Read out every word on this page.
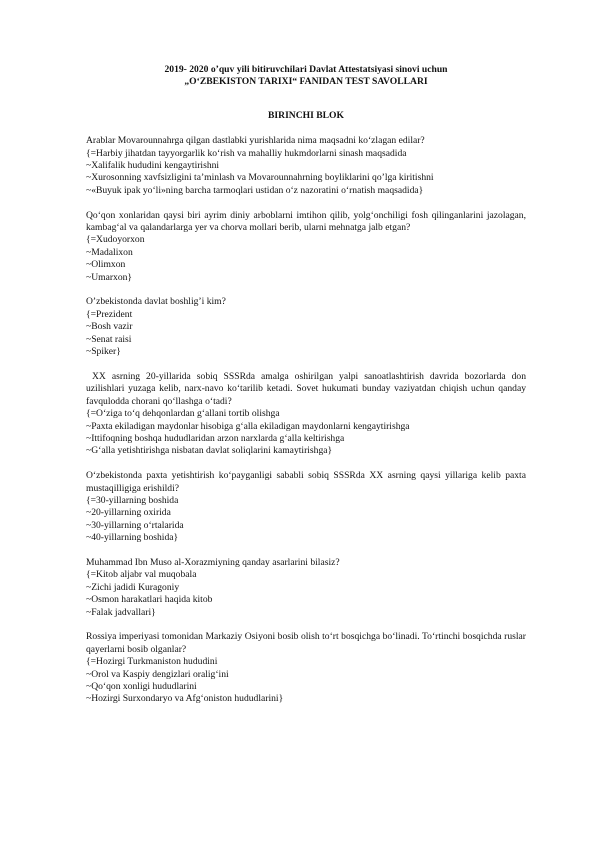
2019- 2020 o’quv yili bitiruvchilari Davlat Attestatsiyasi sinovi uchun
„O‘ZBEKISTON TARIXI“ FANIDAN TEST SAVOLLARI
BIRINCHI BLOK
Arablar Movarounnahrga qilgan dastlabki yurishlarida nima maqsadni ko‘zlagan edilar?
{=Harbiy jihatdan tayyorgarlik ko‘rish va mahalliy hukmdorlarni sinash maqsadida
~Xalifalik hududini kengaytirishni
~Xurosonning xavfsizligini ta’minlash va Movarounnahrning boyliklarini qo’lga kiritishni
~«Buyuk ipak yo‘li»ning barcha tarmoqlari ustidan o‘z nazoratini o‘rnatish maqsadida}
Qo‘qon xonlaridan qaysi biri ayrim diniy arboblarni imtihon qilib, yolg‘onchiligi fosh qilinganlarini jazolagan, kambag‘al va qalandarlarga yer va chorva mollari berib, ularni mehnatga jalb etgan?
{=Xudoyorxon
~Madalixon
~Olimxon
~Umarxon}
O’zbekistonda davlat boshlig’i kim?
{=Prezident
~Bosh vazir
~Senat raisi
~Spiker}
XX asrning 20-yillarida sobiq SSSRda amalga oshirilgan yalpi sanoatlashtirish davrida bozorlarda don uzilishlari yuzaga kelib, narx-navo ko‘tarilib ketadi. Sovet hukumati bunday vaziyatdan chiqish uchun qanday favqulodda chorani qo‘llashga o‘tadi?
{=O‘ziga to‘q dehqonlardan g‘allani tortib olishga
~Paxta ekiladigan maydonlar hisobiga g‘alla ekiladigan maydonlarni kengaytirishga
~Ittifoqning boshqa hududlaridan arzon narxlarda g‘alla keltirishga
~G‘alla yetishtirishga nisbatan davlat soliqlarini kamaytirishga}
O‘zbekistonda paxta yetishtirish ko‘payganligi sababli sobiq SSSRda XX asrning qaysi yillariga kelib paxta mustaqilligiga erishildi?
{=30-yillarning boshida
~20-yillarning oxirida
~30-yillarning o‘rtalarida
~40-yillarning boshida}
Muhammad Ibn Muso al-Xorazmiyning qanday asarlarini bilasiz?
{=Kitob aljabr val muqobala
~Zichi jadidi Kuragoniy
~Osmon harakatlari haqida kitob
~Falak jadvallari}
Rossiya imperiyasi tomonidan Markaziy Osiyoni bosib olish to‘rt bosqichga bo‘linadi. To‘rtinchi bosqichda ruslar qayerlarni bosib olganlar?
{=Hozirgi Turkmaniston hududini
~Orol va Kaspiy dengizlari oralig‘ini
~Qo‘qon xonligi hududlarini
~Hozirgi Surxondaryo va Afg‘oniston hududlarini}
